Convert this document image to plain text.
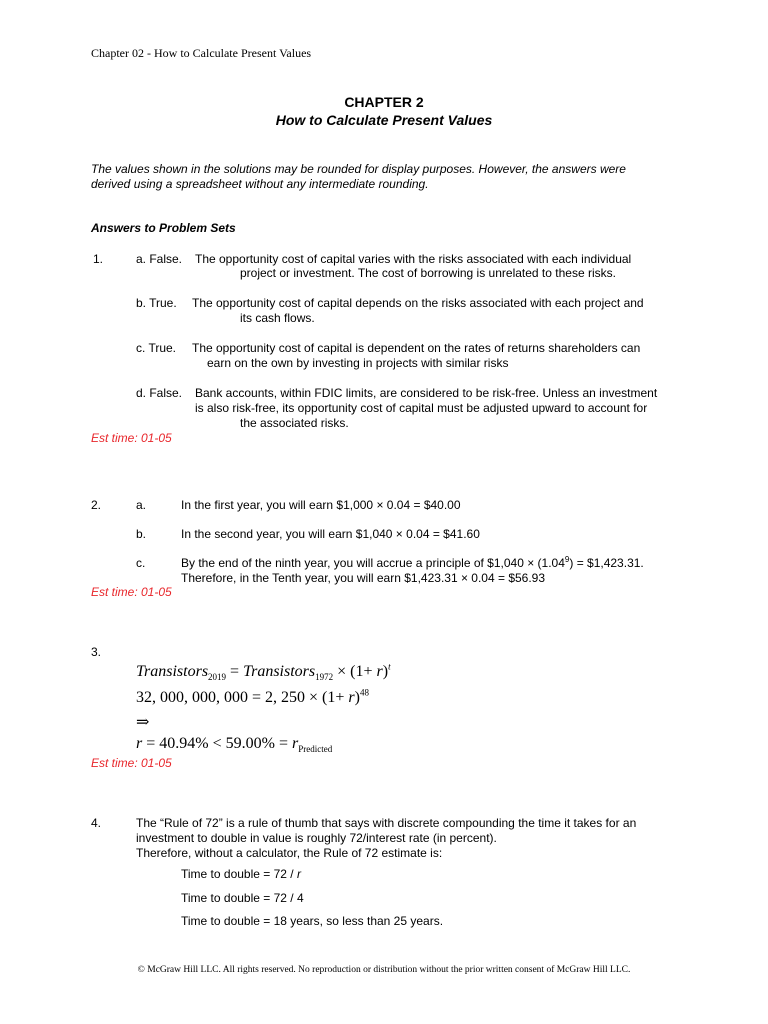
Chapter 02 - How to Calculate Present Values
CHAPTER 2
How to Calculate Present Values
The values shown in the solutions may be rounded for display purposes. However, the answers were
derived using a spreadsheet without any intermediate rounding.
Answers to Problem Sets
1.	a. False. The opportunity cost of capital varies with the risks associated with each individual
project or investment. The cost of borrowing is unrelated to these risks.
b. True. The opportunity cost of capital depends on the risks associated with each project and
its cash flows.
c. True. The opportunity cost of capital is dependent on the rates of returns shareholders can
earn on the own by investing in projects with similar risks
d. False. Bank accounts, within FDIC limits, are considered to be risk-free. Unless an investment
is also risk-free, its opportunity cost of capital must be adjusted upward to account for
the associated risks.
Est time: 01-05
2.	a.	In the first year, you will earn $1,000 × 0.04 = $40.00
b.	In the second year, you will earn $1,040 × 0.04 = $41.60
c.	By the end of the ninth year, you will accrue a principle of $1,040 × $(1.04^9)$ = $1,423.31.
Therefore, in the Tenth year, you will earn $1,423.31 × 0.04 = $56.93
Est time: 01-05
3.
Transistors$_{2019}$ = Transistors$_{1972}$ × $(1+ r)^t$
32, 000, 000, 000 = 2, $250 \times (1+ r)^{48}$
⇒
$r = 40.94\% < 59.00\% = r_{Predicted}$
Est time: 01-05
4.	The “Rule of 72” is a rule of thumb that says with discrete compounding the time it takes for an
investment to double in value is roughly 72/interest rate (in percent).
Therefore, without a calculator, the Rule of 72 estimate is:
Time to double = 72 / r
Time to double = 72 / 4
Time to double = 18 years, so less than 25 years.
© McGraw Hill LLC. All rights reserved. No reproduction or distribution without the prior written consent of McGraw Hill LLC.
